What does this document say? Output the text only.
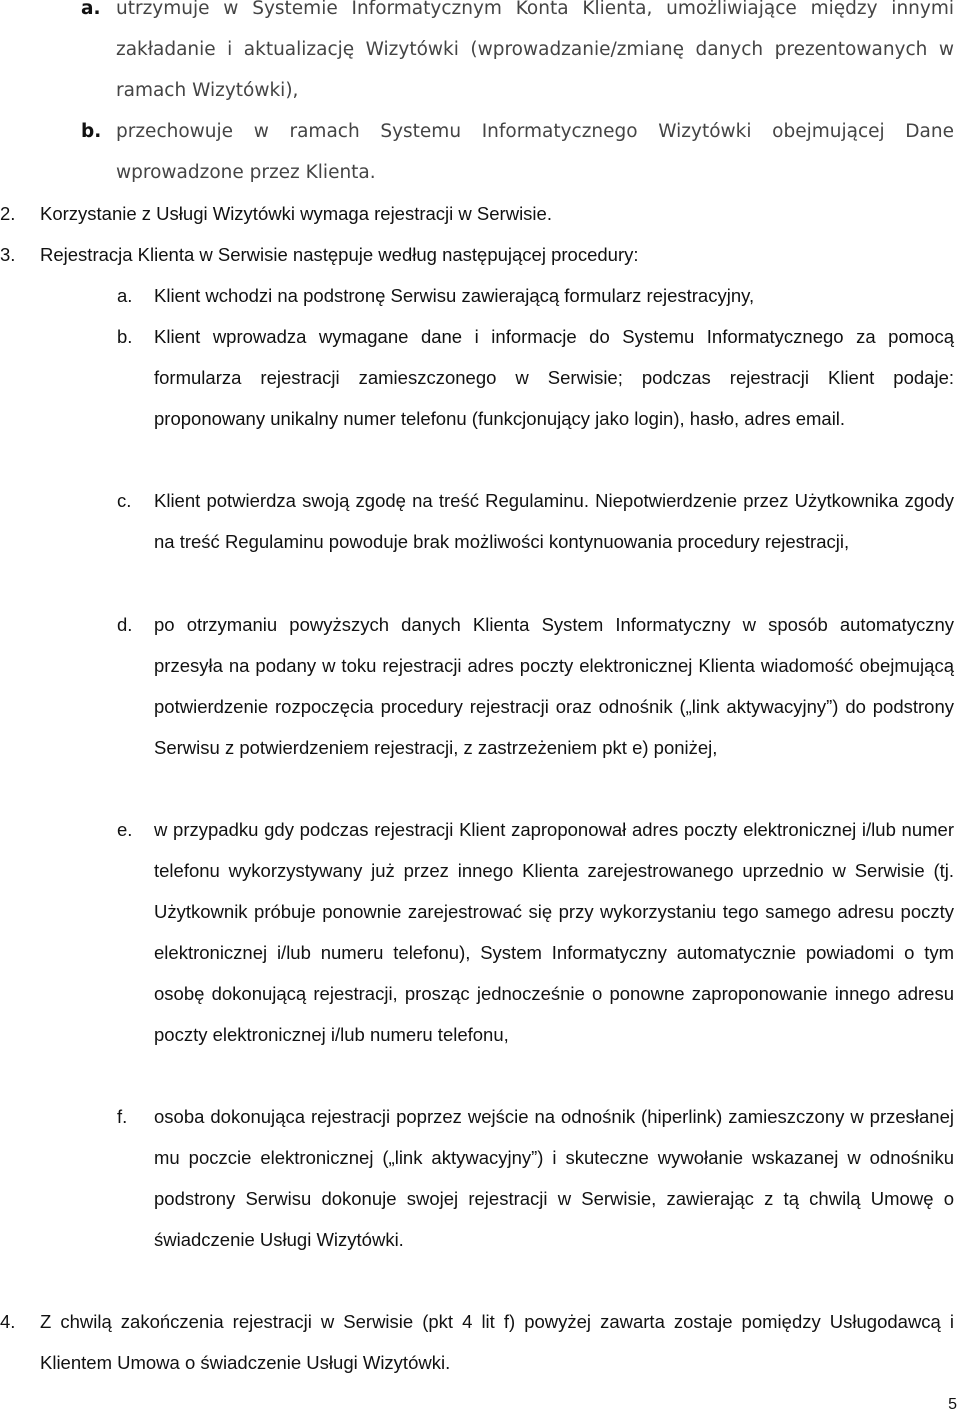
a. utrzymuje w Systemie Informatycznym Konta Klienta, umożliwiające między innymi zakładanie i aktualizację Wizytówki (wprowadzanie/zmianę danych prezentowanych w ramach Wizytówki),
b. przechowuje w ramach Systemu Informatycznego Wizytówki obejmującej Dane wprowadzone przez Klienta.
2.	Korzystanie z Usługi Wizytówki wymaga rejestracji w Serwisie.
3.	Rejestracja Klienta w Serwisie następuje według następującej procedury:
a.	Klient wchodzi na podstronę Serwisu zawierającą formularz rejestracyjny,
b.	Klient wprowadza wymagane dane i informacje do Systemu Informatycznego za pomocą formularza rejestracji zamieszczonego w Serwisie; podczas rejestracji Klient podaje: proponowany unikalny numer telefonu (funkcjonujący jako login), hasło, adres email.
c.	Klient potwierdza swoją zgodę na treść Regulaminu. Niepotwierdzenie przez Użytkownika zgody na treść Regulaminu powoduje brak możliwości kontynuowania procedury rejestracji,
d.	po otrzymaniu powyższych danych Klienta System Informatyczny w sposób automatyczny przesyła na podany w toku rejestracji adres poczty elektronicznej Klienta wiadomość obejmującą potwierdzenie rozpoczęcia procedury rejestracji oraz odnośnik („link aktywacyjny”) do podstrony Serwisu z potwierdzeniem rejestracji, z zastrzeżeniem pkt e) poniżej,
e.	w przypadku gdy podczas rejestracji Klient zaproponował adres poczty elektronicznej i/lub numer telefonu wykorzystywany już przez innego Klienta zarejestrowanego uprzednio w Serwisie (tj. Użytkownik próbuje ponownie zarejestrować się przy wykorzystaniu tego samego adresu poczty elektronicznej i/lub numeru telefonu), System Informatyczny automatycznie powiadomi o tym osobę dokonującą rejestracji, prosząc jednocześnie o ponowne zaproponowanie innego adresu poczty elektronicznej i/lub numeru telefonu,
f.	osoba dokonująca rejestracji poprzez wejście na odnośnik (hiperlink) zamieszczony w przesłanej mu poczcie elektronicznej („link aktywacyjny”) i skuteczne wywołanie wskazanej w odnośniku podstrony Serwisu dokonuje swojej rejestracji w Serwisie, zawierając z tą chwilą Umowę o świadczenie Usługi Wizytówki.
4.	Z chwilą zakończenia rejestracji w Serwisie (pkt 4 lit f) powyżej zawarta zostaje pomiędzy Usługodawcą i Klientem Umowa o świadczenie Usługi Wizytówki.
5
